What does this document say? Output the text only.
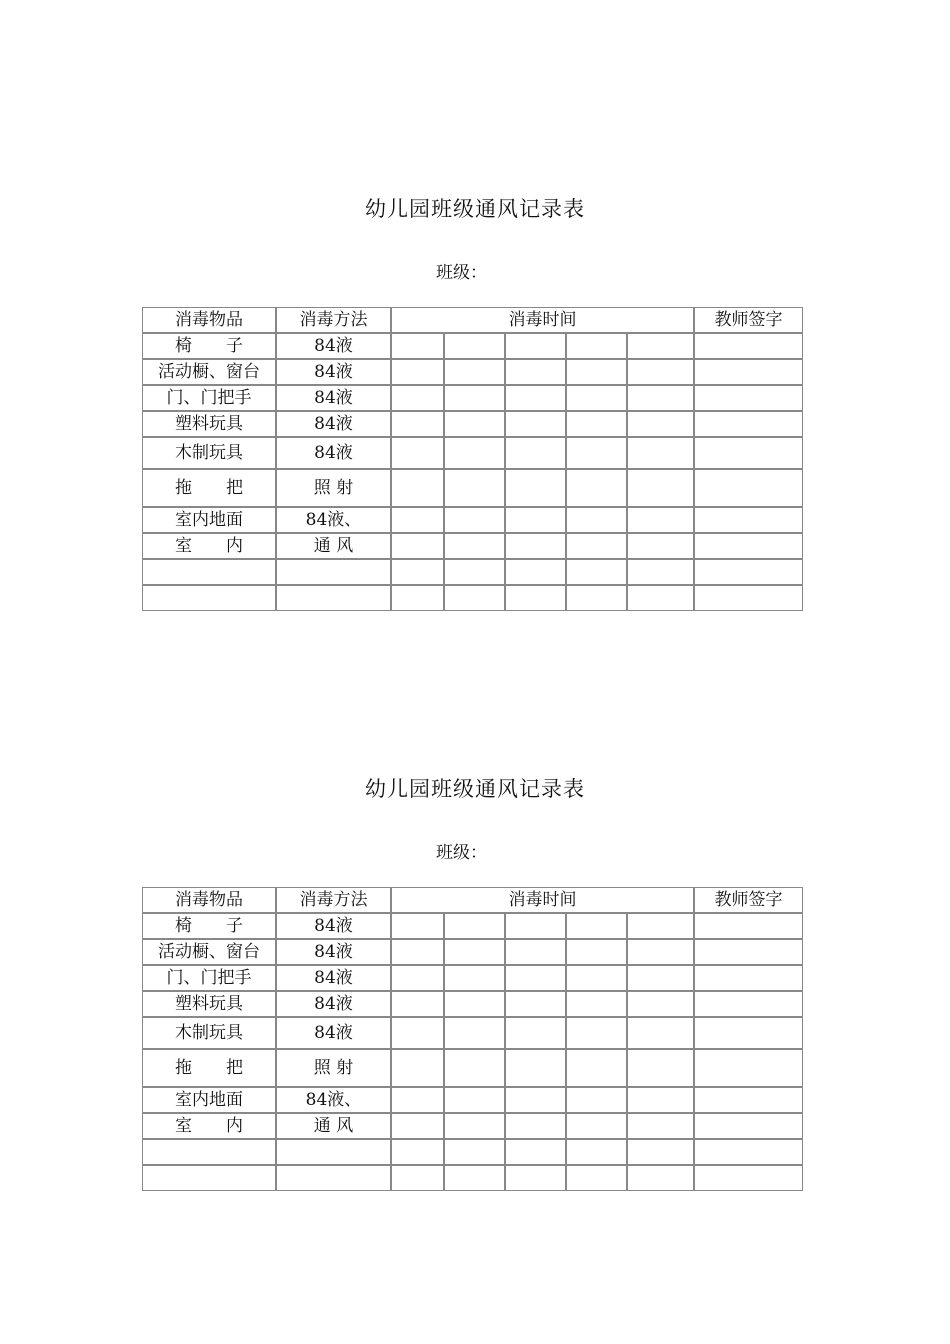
幼儿园班级通风记录表
班级：
消毒物品	消毒方法	消毒时间					教师签字
椅　　子	84液						
活动橱、窗台	84液						
门、门把手	84液						
塑料玩具	84液						
木制玩具	84液						
拖　　把	照 射						
室内地面	84液、						
室　　内	通 风						

幼儿园班级通风记录表
班级：
消毒物品	消毒方法	消毒时间					教师签字
椅　　子	84液						
活动橱、窗台	84液						
门、门把手	84液						
塑料玩具	84液						
木制玩具	84液						
拖　　把	照 射						
室内地面	84液、						
室　　内	通 风						
